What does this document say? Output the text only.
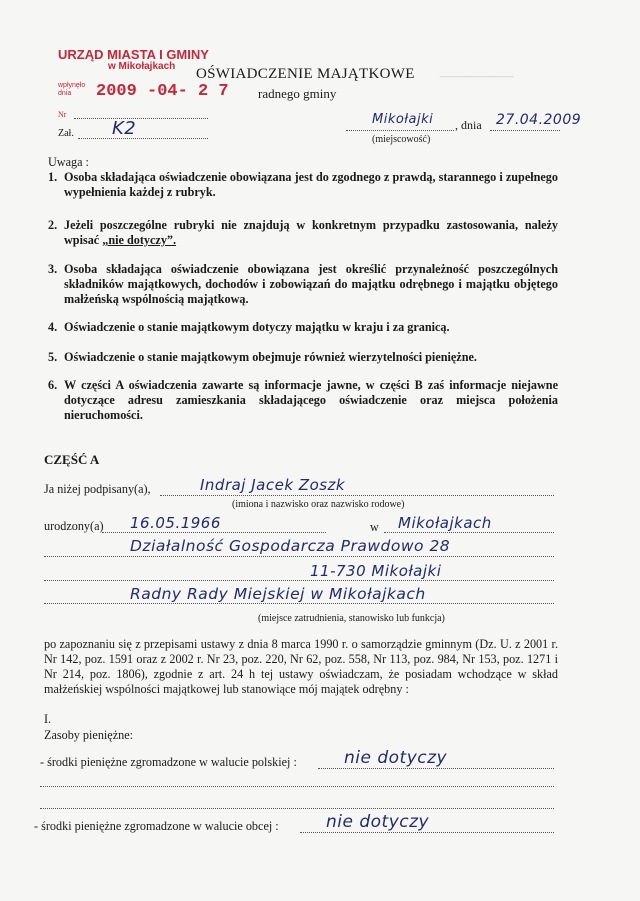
URZĄD MIASTA I GMINY
w Mikołajkach
wpłynęło
dnia	2009 -04- 2 7
Nr
Zał. K2
OŚWIADCZENIE MAJĄTKOWE
radnego gminy
____________
Mikołajki , dnia 27.04.2009
(miejscowość)
Uwaga :
1. Osoba składająca oświadczenie obowiązana jest do zgodnego z prawdą, starannego i zupełnego wypełnienia każdej z rubryk.
2. Jeżeli poszczególne rubryki nie znajdują w konkretnym przypadku zastosowania, należy wpisać „nie dotyczy”.
3. Osoba składająca oświadczenie obowiązana jest określić przynależność poszczególnych składników majątkowych, dochodów i zobowiązań do majątku odrębnego i majątku objętego małżeńską wspólnością majątkową.
4. Oświadczenie o stanie majątkowym dotyczy majątku w kraju i za granicą.
5. Oświadczenie o stanie majątkowym obejmuje również wierzytelności pieniężne.
6. W części A oświadczenia zawarte są informacje jawne, w części B zaś informacje niejawne dotyczące adresu zamieszkania składającego oświadczenie oraz miejsca położenia nieruchomości.
CZĘŚĆ A
Ja niżej podpisany(a),	Indraj Jacek Zoszk
(imiona i nazwisko oraz nazwisko rodowe)
urodzony(a) 16.05.1966	w Mikołajkach
Działalność Gospodarcza Prawdowo 28
11-730 Mikołajki
Radny Rady Miejskiej w Mikołajkach
(miejsce zatrudnienia, stanowisko lub funkcja)
po zapoznaniu się z przepisami ustawy z dnia 8 marca 1990 r. o samorządzie gminnym (Dz. U. z 2001 r. Nr 142, poz. 1591 oraz z 2002 r. Nr 23, poz. 220, Nr 62, poz. 558, Nr 113, poz. 984, Nr 153, poz. 1271 i Nr 214, poz. 1806), zgodnie z art. 24 h tej ustawy oświadczam, że posiadam wchodzące w skład małżeńskiej wspólności majątkowej lub stanowiące mój majątek odrębny :
I.
Zasoby pieniężne:
- środki pieniężne zgromadzone w walucie polskiej :	nie dotyczy
- środki pieniężne zgromadzone w walucie obcej :	nie dotyczy
